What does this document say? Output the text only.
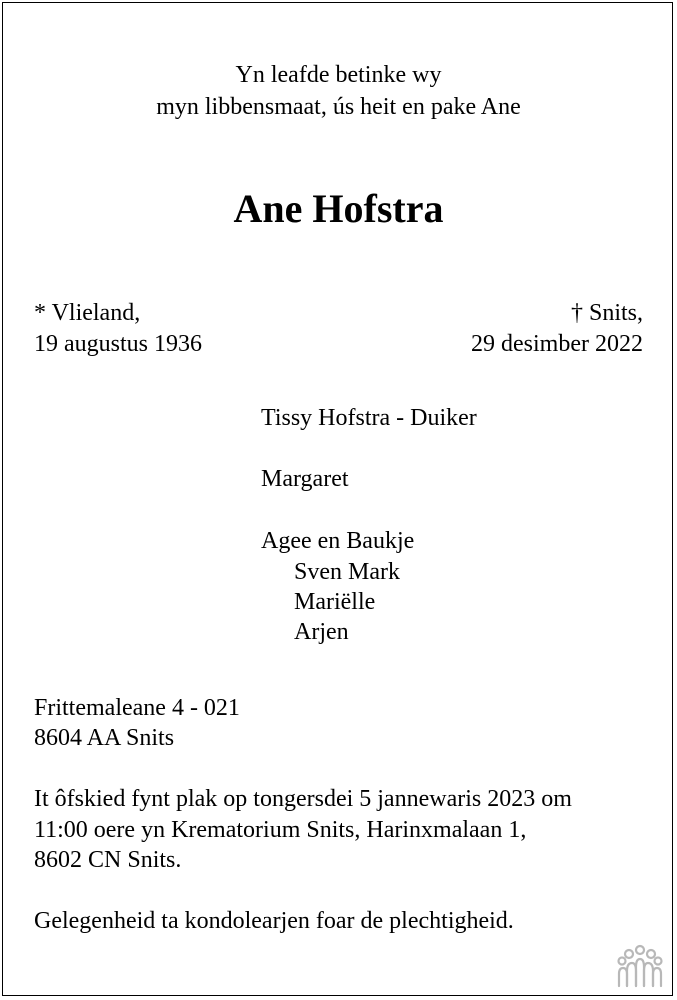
Yn leafde betinke wy
myn libbensmaat, ús heit en pake Ane
Ane Hofstra
* Vlieland,
19 augustus 1936
† Snits,
29 desimber 2022
Tissy Hofstra - Duiker
Margaret
Agee en Baukje
Sven Mark
Mariëlle
Arjen
Frittemaleane 4 - 021
8604 AA Snits
It ôfskied fynt plak op tongersdei 5 jannewaris 2023 om
11:00 oere yn Krematorium Snits, Harinxmalaan 1,
8602 CN Snits.
Gelegenheid ta kondolearjen foar de plechtigheid.
